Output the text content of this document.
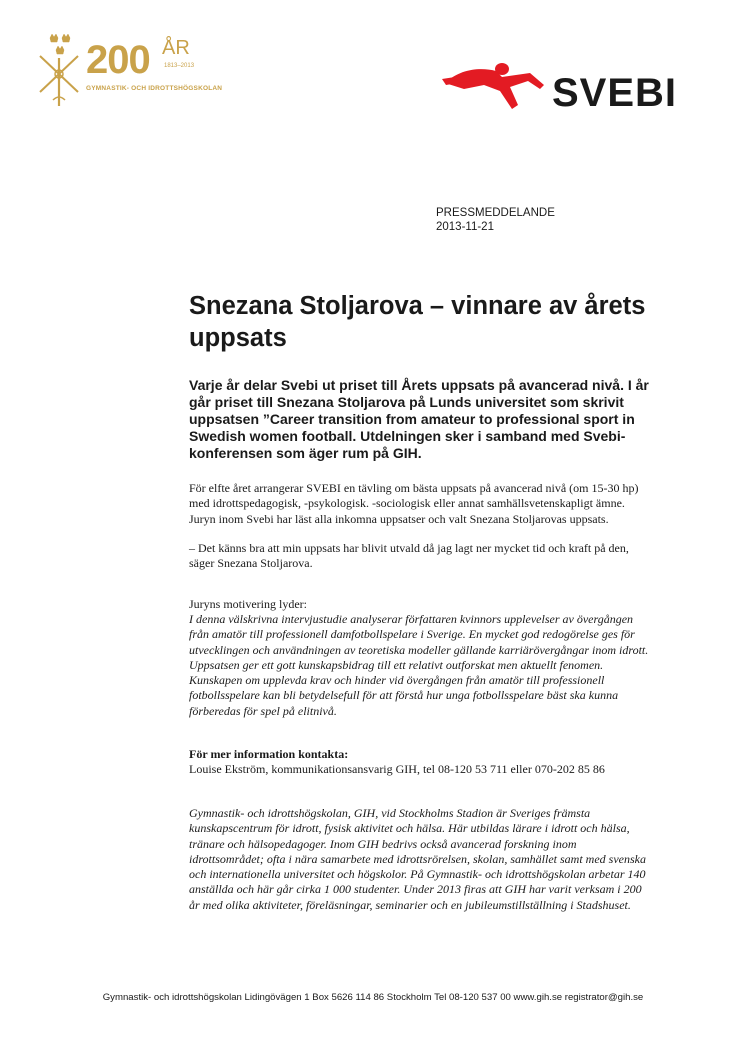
200 ÅR
1813–2013
GYMNASTIK- OCH IDROTTSHÖGSKOLAN	SVEBI
PRESSMEDDELANDE
2013-11-21
Snezana Stoljarova – vinnare av årets uppsats

Varje år delar Svebi ut priset till Årets uppsats på avancerad nivå. I år går priset till Snezana Stoljarova på Lunds universitet som skrivit uppsatsen ”Career transition from amateur to professional sport in Swedish women football. Utdelningen sker i samband med Svebi-konferensen som äger rum på GIH.

För elfte året arrangerar SVEBI en tävling om bästa uppsats på avancerad nivå (om 15-30 hp) med idrottspedagogisk, -psykologisk. -sociologisk eller annat samhällsvetenskapligt ämne. Juryn inom Svebi har läst alla inkomna uppsatser och valt Snezana Stoljarovas uppsats.

– Det känns bra att min uppsats har blivit utvald då jag lagt ner mycket tid och kraft på den, säger Snezana Stoljarova.

Juryns motivering lyder:

I denna välskrivna intervjustudie analyserar författaren kvinnors upplevelser av övergången från amatör till professionell damfotbollspelare i Sverige. En mycket god redogörelse ges för utvecklingen och användningen av teoretiska modeller gällande karriärövergångar inom idrott. Uppsatsen ger ett gott kunskapsbidrag till ett relativt outforskat men aktuellt fenomen. Kunskapen om upplevda krav och hinder vid övergången från amatör till professionell fotbollsspelare kan bli betydelsefull för att förstå hur unga fotbollsspelare bäst ska kunna förberedas för spel på elitnivå.

För mer information kontakta:

Louise Ekström, kommunikationsansvarig GIH, tel 08-120 53 711 eller 070-202 85 86

Gymnastik- och idrottshögskolan, GIH, vid Stockholms Stadion är Sveriges främsta kunskapscentrum för idrott, fysisk aktivitet och hälsa. Här utbildas lärare i idrott och hälsa, tränare och hälsopedagoger. Inom GIH bedrivs också avancerad forskning inom idrottsområdet; ofta i nära samarbete med idrottsrörelsen, skolan, samhället samt med svenska och internationella universitet och högskolor. På Gymnastik- och idrottshögskolan arbetar 140 anställda och här går cirka 1 000 studenter. Under 2013 firas att GIH har varit verksam i 200 år med olika aktiviteter, föreläsningar, seminarier och en jubileumstillställning i Stadshuset.

Gymnastik- och idrottshögskolan Lidingövägen 1 Box 5626 114 86 Stockholm Tel 08-120 537 00 www.gih.se registrator@gih.se
